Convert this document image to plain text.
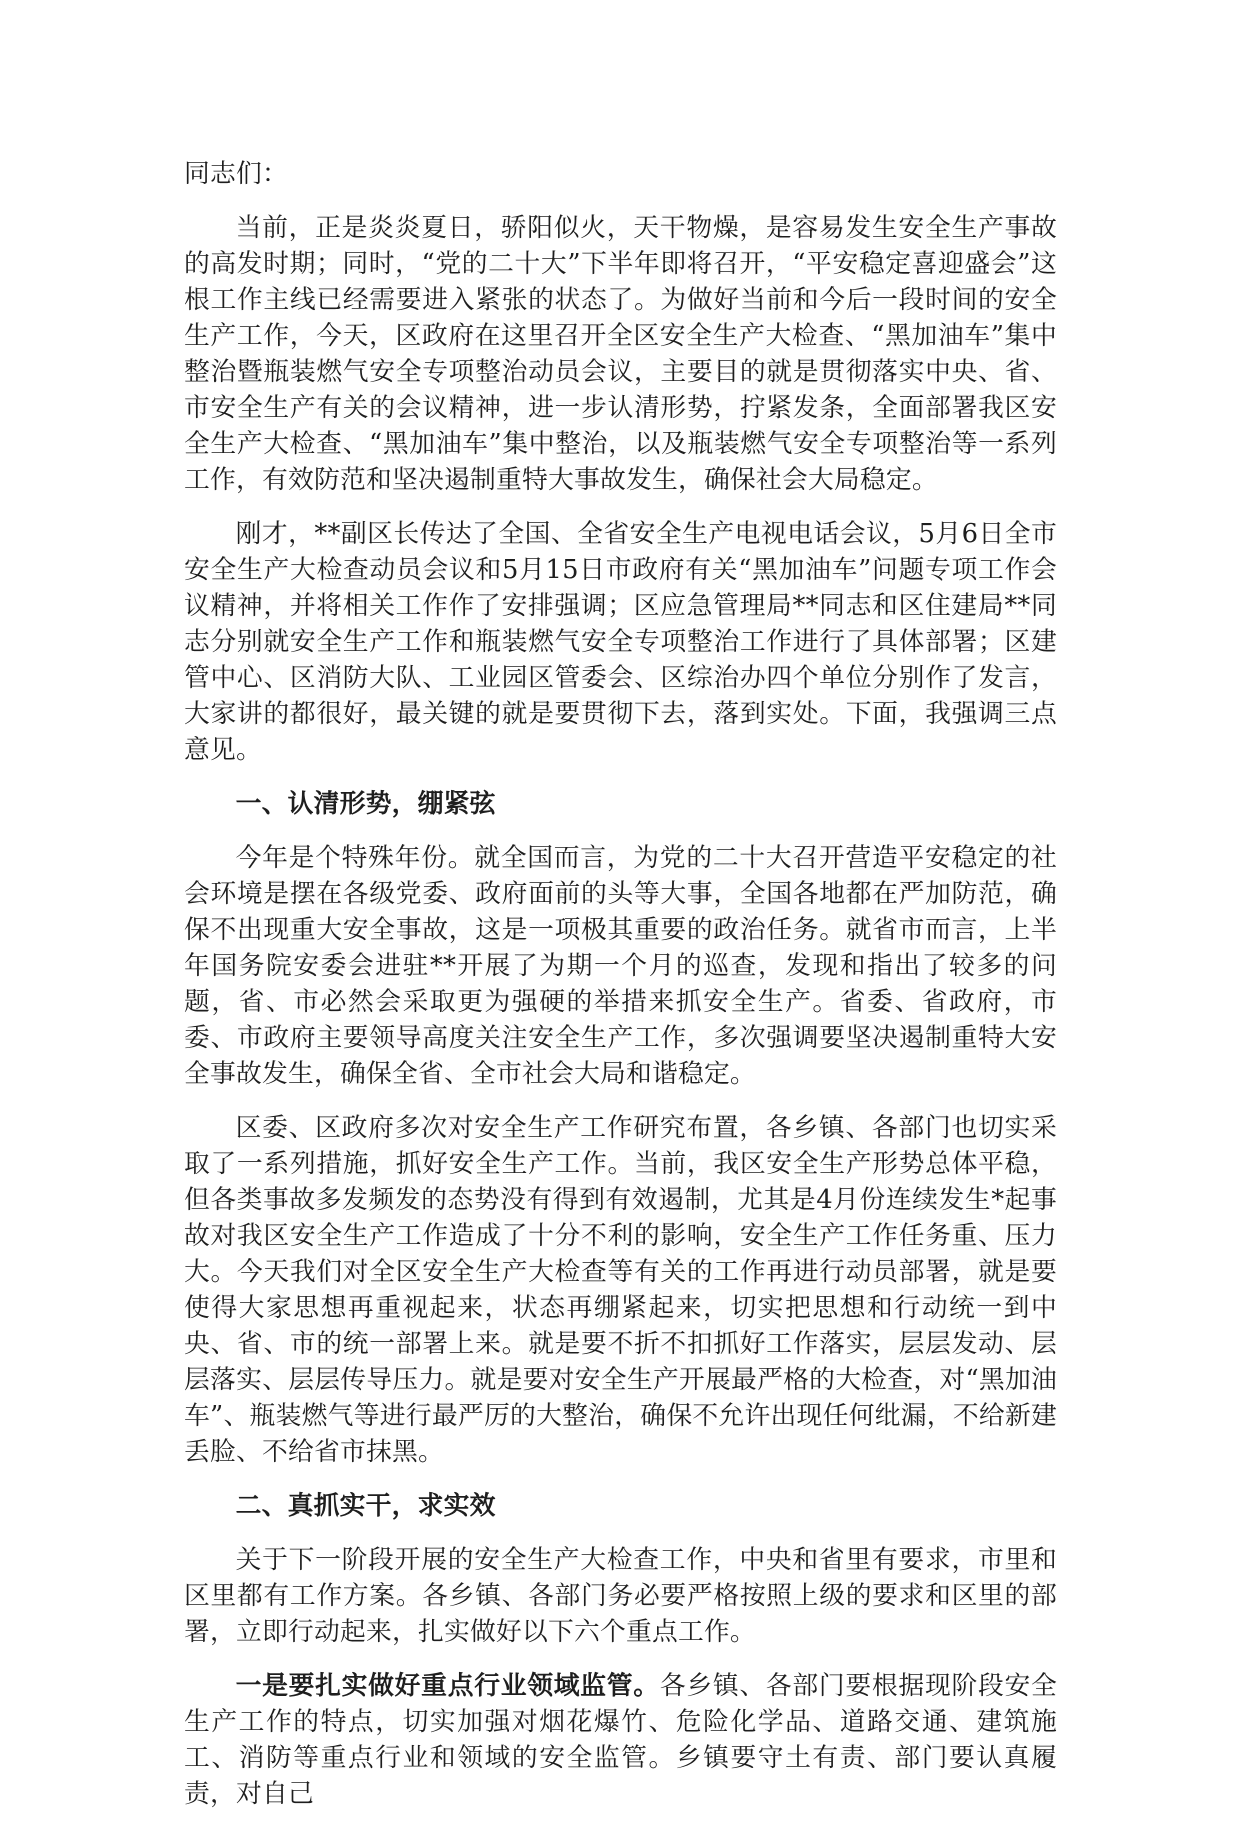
同志们：

当前，正是炎炎夏日，骄阳似火，天干物燥，是容易发生安全生产事故的高发时期；同时，“党的二十大”下半年即将召开，“平安稳定喜迎盛会”这根工作主线已经需要进入紧张的状态了。为做好当前和今后一段时间的安全生产工作，今天，区政府在这里召开全区安全生产大检查、“黑加油车”集中整治暨瓶装燃气安全专项整治动员会议，主要目的就是贯彻落实中央、省、市安全生产有关的会议精神，进一步认清形势，拧紧发条，全面部署我区安全生产大检查、“黑加油车”集中整治，以及瓶装燃气安全专项整治等一系列工作，有效防范和坚决遏制重特大事故发生，确保社会大局稳定。

刚才，**副区长传达了全国、全省安全生产电视电话会议，5月6日全市安全生产大检查动员会议和5月15日市政府有关“黑加油车”问题专项工作会议精神，并将相关工作作了安排强调；区应急管理局**同志和区住建局**同志分别就安全生产工作和瓶装燃气安全专项整治工作进行了具体部署；区建管中心、区消防大队、工业园区管委会、区综治办四个单位分别作了发言，大家讲的都很好，最关键的就是要贯彻下去，落到实处。下面，我强调三点意见。

一、认清形势，绷紧弦

今年是个特殊年份。就全国而言，为党的二十大召开营造平安稳定的社会环境是摆在各级党委、政府面前的头等大事，全国各地都在严加防范，确保不出现重大安全事故，这是一项极其重要的政治任务。就省市而言，上半年国务院安委会进驻**开展了为期一个月的巡查，发现和指出了较多的问题，省、市必然会采取更为强硬的举措来抓安全生产。省委、省政府，市委、市政府主要领导高度关注安全生产工作，多次强调要坚决遏制重特大安全事故发生，确保全省、全市社会大局和谐稳定。

区委、区政府多次对安全生产工作研究布置，各乡镇、各部门也切实采取了一系列措施，抓好安全生产工作。当前，我区安全生产形势总体平稳，但各类事故多发频发的态势没有得到有效遏制，尤其是4月份连续发生*起事故对我区安全生产工作造成了十分不利的影响，安全生产工作任务重、压力大。今天我们对全区安全生产大检查等有关的工作再进行动员部署，就是要使得大家思想再重视起来，状态再绷紧起来，切实把思想和行动统一到中央、省、市的统一部署上来。就是要不折不扣抓好工作落实，层层发动、层层落实、层层传导压力。就是要对安全生产开展最严格的大检查，对“黑加油车”、瓶装燃气等进行最严厉的大整治，确保不允许出现任何纰漏，不给新建丢脸、不给省市抹黑。

二、真抓实干，求实效

关于下一阶段开展的安全生产大检查工作，中央和省里有要求，市里和区里都有工作方案。各乡镇、各部门务必要严格按照上级的要求和区里的部署，立即行动起来，扎实做好以下六个重点工作。

一是要扎实做好重点行业领域监管。各乡镇、各部门要根据现阶段安全生产工作的特点，切实加强对烟花爆竹、危险化学品、道路交通、建筑施工、消防等重点行业和领域的安全监管。乡镇要守土有责、部门要认真履责，对自己
